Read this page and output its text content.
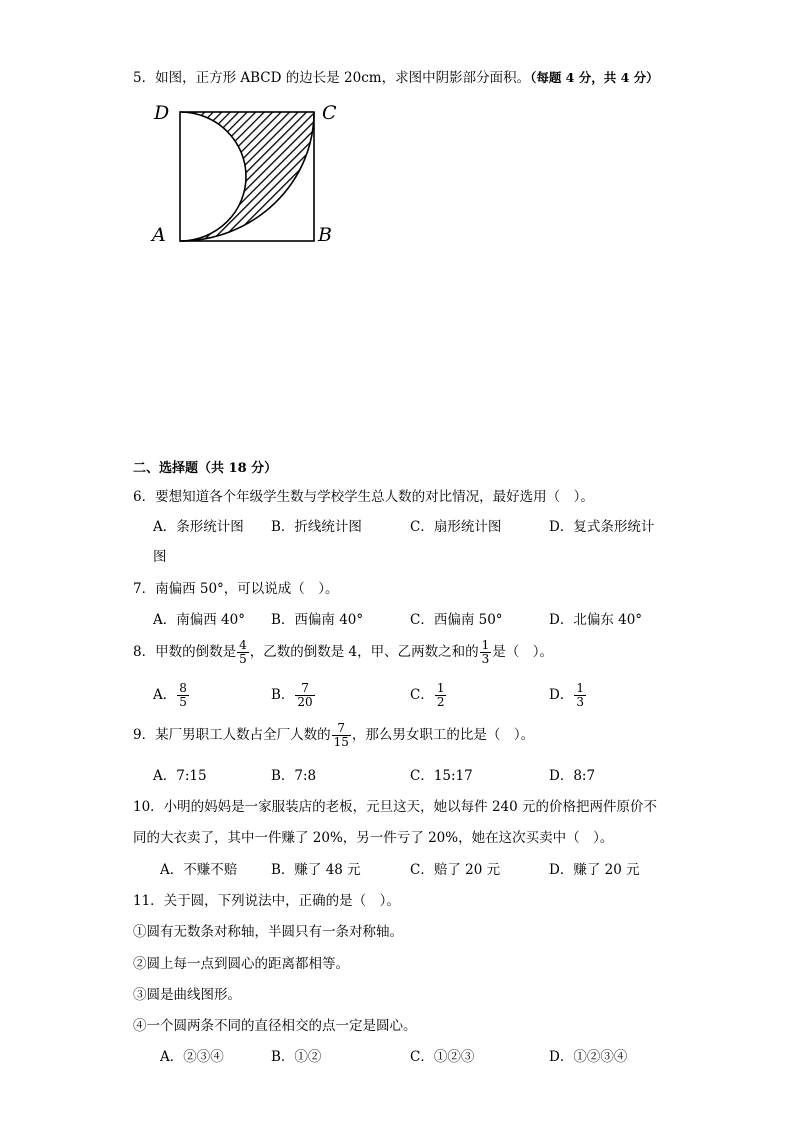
5．如图，正方形 ABCD 的边长是 20cm，求图中阴影部分面积。（每题 4 分，共 4 分）
D	C
A	B
二、选择题（共 18 分）
6．要想知道各个年级学生数与学校学生总人数的对比情况，最好选用（　）。
A．条形统计图 B．折线统计图	C．扇形统计图	D．复式条形统计
图
7．南偏西 50°，可以说成（　）。
A．南偏西 40° B．西偏南 40°	C．西偏南 50°	D．北偏东 40°
8．甲数的倒数是 $\frac{4}{5}$ ，乙数的倒数是 4，甲、乙两数之和的 $\frac{1}{3}$ 是（　）。
A． $\frac{8}{5}$	B． $\frac{7}{20}$	C． $\frac{1}{2}$	D． $\frac{1}{3}$
9．某厂男职工人数占全厂人数的 $\frac{7}{15}$ ，那么男女职工的比是（　）。
A．7:15	B．7:8	C．15:17	D．8:7
10．小明的妈妈是一家服装店的老板，元旦这天，她以每件 240 元的价格把两件原价不
同的大衣卖了，其中一件赚了 20%，另一件亏了 20%，她在这次买卖中（　）。
A．不赚不赔	B．赚了 48 元	C．赔了 20 元	D．赚了 20 元
11．关于圆，下列说法中，正确的是（　）。
①圆有无数条对称轴，半圆只有一条对称轴。
②圆上每一点到圆心的距离都相等。
③圆是曲线图形。
④一个圆两条不同的直径相交的点一定是圆心。
A．②③④	B．①②	C．①②③	D．①②③④
